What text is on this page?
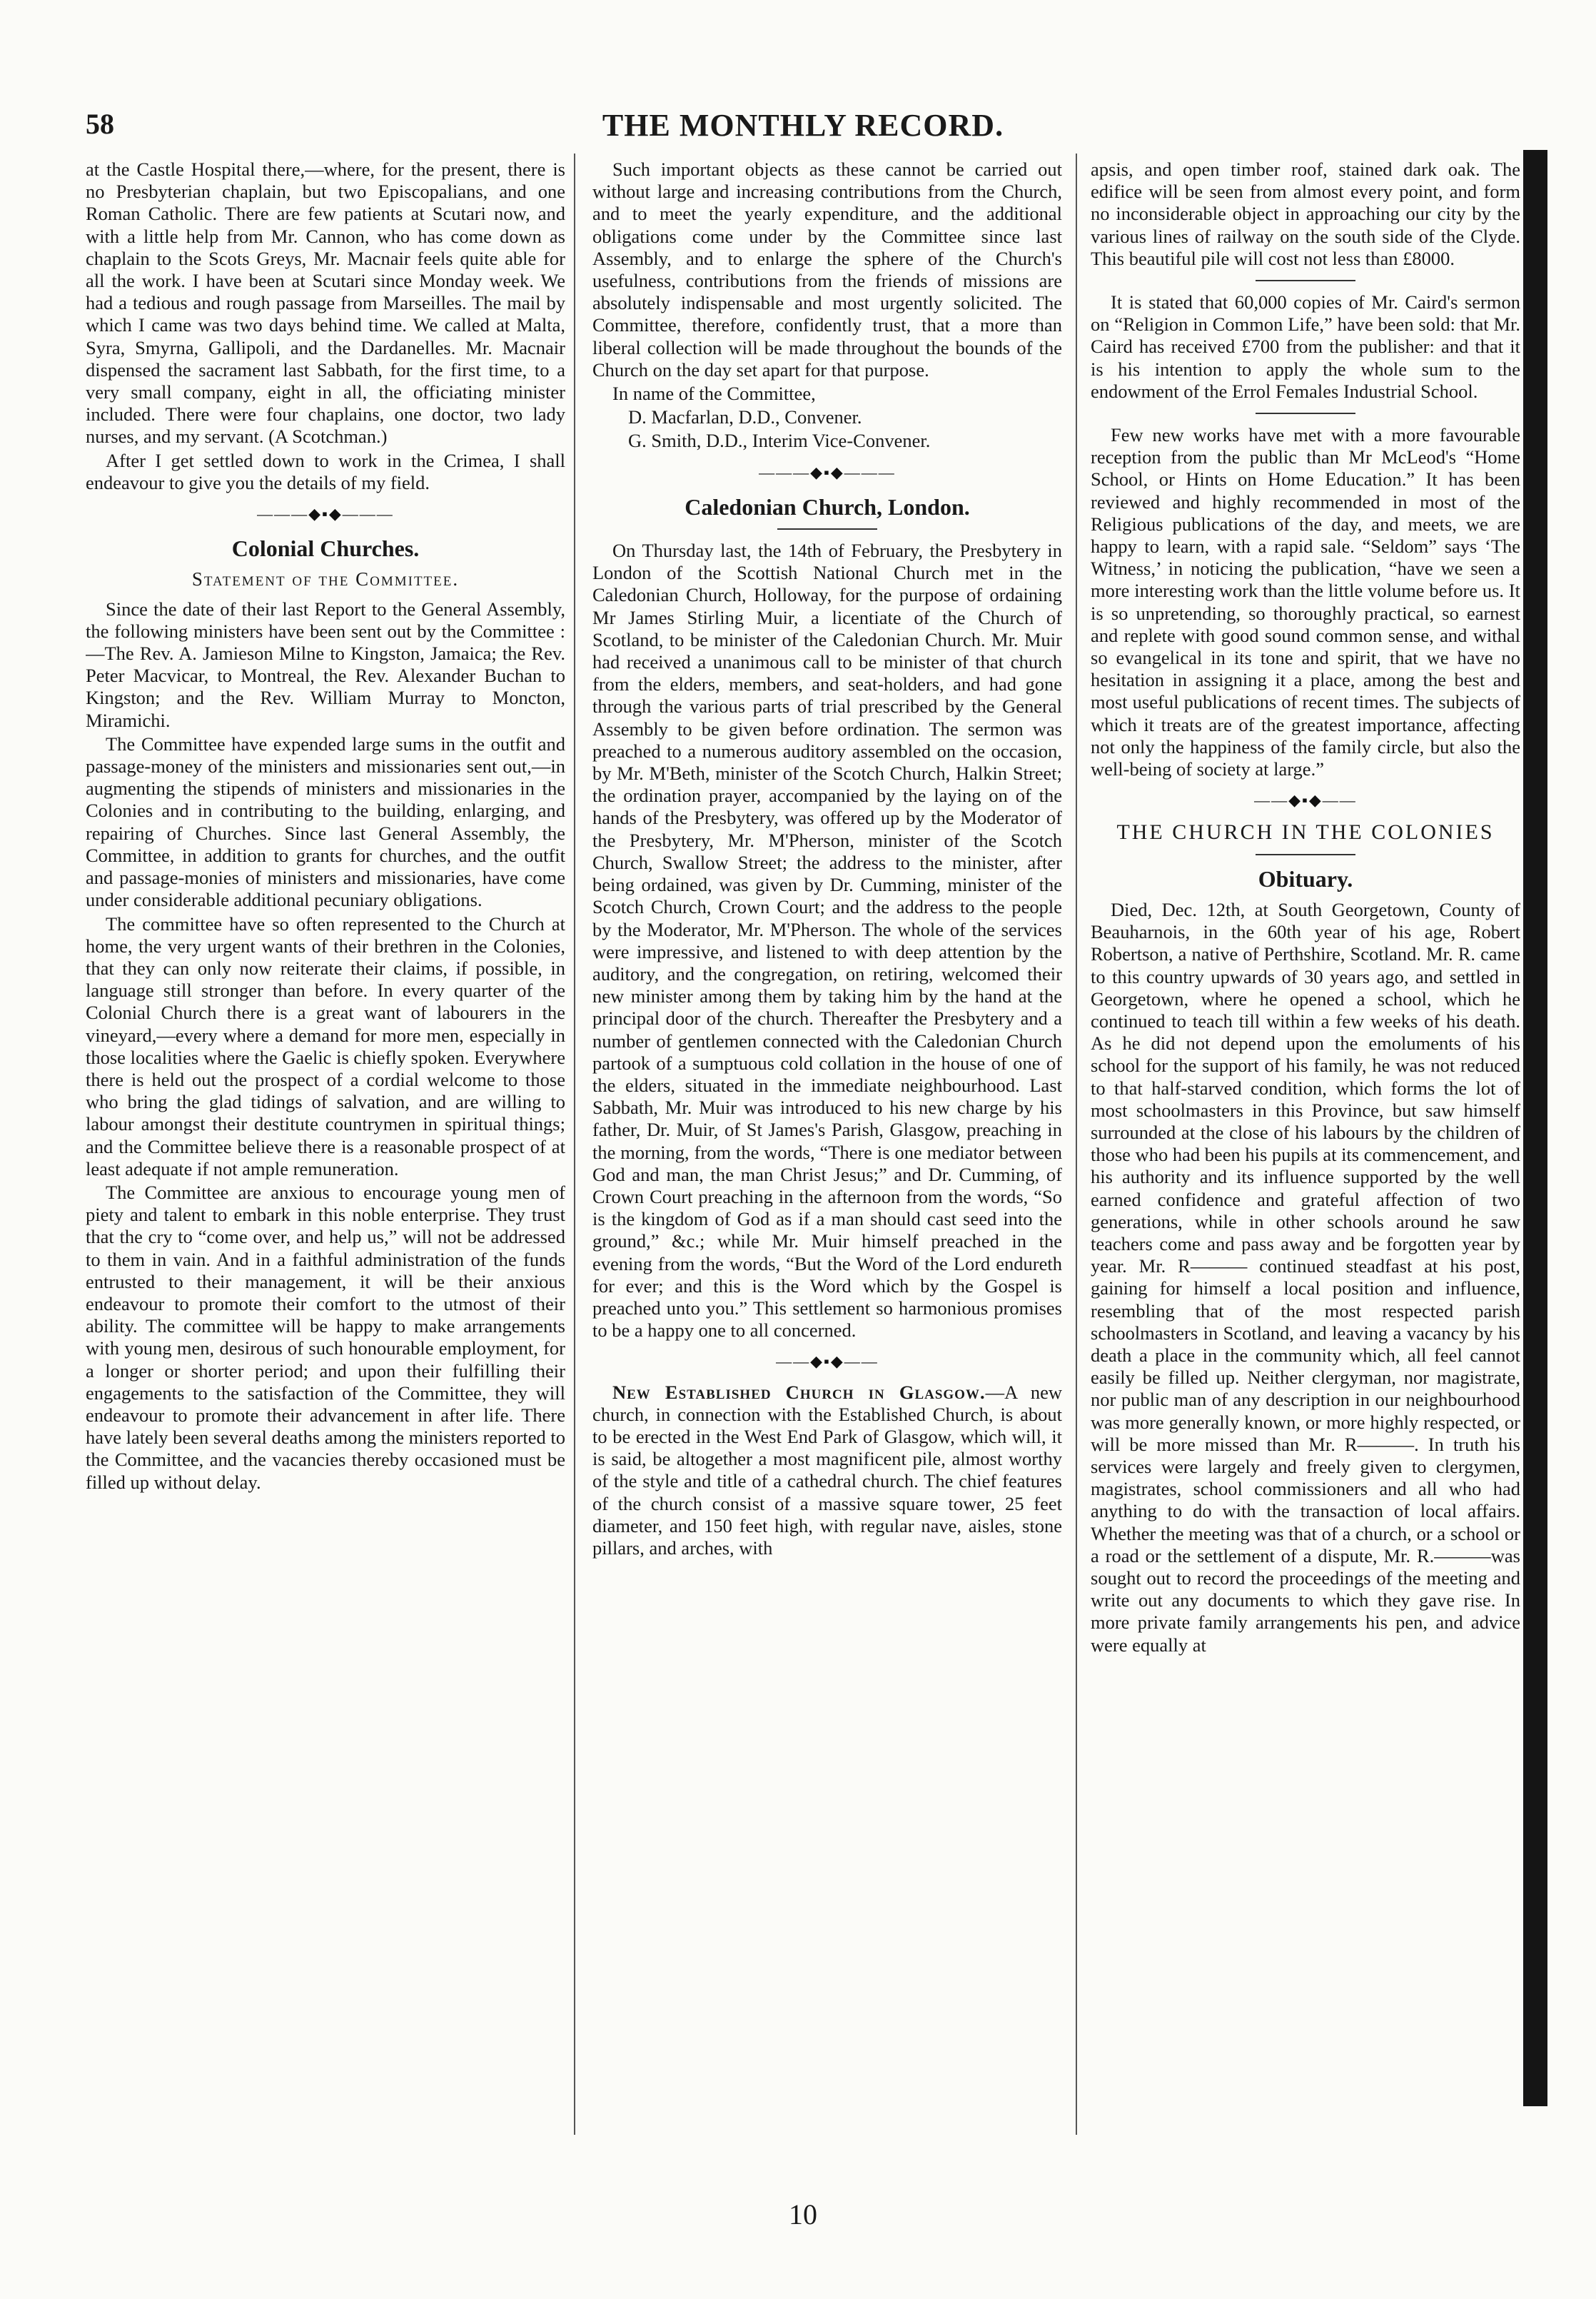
58	THE MONTHLY RECORD.

at the Castle Hospital there,—where, for the present, there is no Presbyterian chaplain, but two Episcopalians, and one Roman Catholic. There are few patients at Scutari now, and with a little help from Mr. Cannon, who has come down as chaplain to the Scots Greys, Mr. Macnair feels quite able for all the work. I have been at Scutari since Monday week. We had a tedious and rough passage from Marseilles. The mail by which I came was two days behind time. We called at Malta, Syra, Smyrna, Gallipoli, and the Dardanelles. Mr. Macnair dispensed the sacrament last Sabbath, for the first time, to a very small company, eight in all, the officiating minister included. There were four chaplains, one doctor, two lady nurses, and my servant. (A Scotchman.)

After I get settled down to work in the Crimea, I shall endeavour to give you the details of my field.

———◆▪◆———
Colonial Churches.
Statement of the Committee.

Since the date of their last Report to the General Assembly, the following ministers have been sent out by the Committee :—The Rev. A. Jamieson Milne to Kingston, Jamaica; the Rev. Peter Macvicar, to Montreal, the Rev. Alexander Buchan to Kingston; and the Rev. William Murray to Moncton, Miramichi.

The Committee have expended large sums in the outfit and passage-money of the ministers and missionaries sent out,—in augmenting the stipends of ministers and missionaries in the Colonies and in contributing to the building, enlarging, and repairing of Churches. Since last General Assembly, the Committee, in addition to grants for churches, and the outfit and passage-monies of ministers and missionaries, have come under considerable additional pecuniary obligations.

The committee have so often represented to the Church at home, the very urgent wants of their brethren in the Colonies, that they can only now reiterate their claims, if possible, in language still stronger than before. In every quarter of the Colonial Church there is a great want of labourers in the vineyard,—every where a demand for more men, especially in those localities where the Gaelic is chiefly spoken. Everywhere there is held out the prospect of a cordial welcome to those who bring the glad tidings of salvation, and are willing to labour amongst their destitute countrymen in spiritual things; and the Committee believe there is a reasonable prospect of at least adequate if not ample remuneration.

The Committee are anxious to encourage young men of piety and talent to embark in this noble enterprise. They trust that the cry to “come over, and help us,” will not be addressed to them in vain. And in a faithful administration of the funds entrusted to their management, it will be their anxious endeavour to promote their comfort to the utmost of their ability. The committee will be happy to make arrangements with young men, desirous of such honourable employment, for a longer or shorter period; and upon their fulfilling their engagements to the satisfaction of the Committee, they will endeavour to promote their advancement in after life. There have lately been several deaths among the ministers reported to the Committee, and the vacancies thereby occasioned must be filled up without delay.

Such important objects as these cannot be carried out without large and increasing contributions from the Church, and to meet the yearly expenditure, and the additional obligations come under by the Committee since last Assembly, and to enlarge the sphere of the Church's usefulness, contributions from the friends of missions are absolutely indispensable and most urgently solicited. The Committee, therefore, confidently trust, that a more than liberal collection will be made throughout the bounds of the Church on the day set apart for that purpose.

In name of the Committee,

D. Macfarlan, D.D., Convener.

G. Smith, D.D., Interim Vice-Convener.

———◆▪◆———
Caledonian Church, London.

On Thursday last, the 14th of February, the Presbytery in London of the Scottish National Church met in the Caledonian Church, Holloway, for the purpose of ordaining Mr James Stirling Muir, a licentiate of the Church of Scotland, to be minister of the Caledonian Church. Mr. Muir had received a unanimous call to be minister of that church from the elders, members, and seat-holders, and had gone through the various parts of trial prescribed by the General Assembly to be given before ordination. The sermon was preached to a numerous auditory assembled on the occasion, by Mr. M'Beth, minister of the Scotch Church, Halkin Street; the ordination prayer, accompanied by the laying on of the hands of the Presbytery, was offered up by the Moderator of the Presbytery, Mr. M'Pherson, minister of the Scotch Church, Swallow Street; the address to the minister, after being ordained, was given by Dr. Cumming, minister of the Scotch Church, Crown Court; and the address to the people by the Moderator, Mr. M'Pherson. The whole of the services were impressive, and listened to with deep attention by the auditory, and the congregation, on retiring, welcomed their new minister among them by taking him by the hand at the principal door of the church. Thereafter the Presbytery and a number of gentlemen connected with the Caledonian Church partook of a sumptuous cold collation in the house of one of the elders, situated in the immediate neighbourhood. Last Sabbath, Mr. Muir was introduced to his new charge by his father, Dr. Muir, of St James's Parish, Glasgow, preaching in the morning, from the words, “There is one mediator between God and man, the man Christ Jesus;” and Dr. Cumming, of Crown Court preaching in the afternoon from the words, “So is the kingdom of God as if a man should cast seed into the ground,” &c.; while Mr. Muir himself preached in the evening from the words, “But the Word of the Lord endureth for ever; and this is the Word which by the Gospel is preached unto you.” This settlement so harmonious promises to be a happy one to all concerned.

——◆▪◆——

New Established Church in Glasgow.—A new church, in connection with the Established Church, is about to be erected in the West End Park of Glasgow, which will, it is said, be altogether a most magnificent pile, almost worthy of the style and title of a cathedral church. The chief features of the church consist of a massive square tower, 25 feet diameter, and 150 feet high, with regular nave, aisles, stone pillars, and arches, with

apsis, and open timber roof, stained dark oak. The edifice will be seen from almost every point, and form no inconsiderable object in approaching our city by the various lines of railway on the south side of the Clyde. This beautiful pile will cost not less than £8000.

It is stated that 60,000 copies of Mr. Caird's sermon on “Religion in Common Life,” have been sold: that Mr. Caird has received £700 from the publisher: and that it is his intention to apply the whole sum to the endowment of the Errol Females Industrial School.

Few new works have met with a more favourable reception from the public than Mr McLeod's “Home School, or Hints on Home Education.” It has been reviewed and highly recommended in most of the Religious publications of the day, and meets, we are happy to learn, with a rapid sale. “Seldom” says ‘The Witness,’ in noticing the publication, “have we seen a more interesting work than the little volume before us. It is so unpretending, so thoroughly practical, so earnest and replete with good sound common sense, and withal so evangelical in its tone and spirit, that we have no hesitation in assigning it a place, among the best and most useful publications of recent times. The subjects of which it treats are of the greatest importance, affecting not only the happiness of the family circle, but also the well-being of society at large.”

——◆▪◆——
THE CHURCH IN THE COLONIES
Obituary.

Died, Dec. 12th, at South Georgetown, County of Beauharnois, in the 60th year of his age, Robert Robertson, a native of Perthshire, Scotland. Mr. R. came to this country upwards of 30 years ago, and settled in Georgetown, where he opened a school, which he continued to teach till within a few weeks of his death. As he did not depend upon the emoluments of his school for the support of his family, he was not reduced to that half-starved condition, which forms the lot of most schoolmasters in this Province, but saw himself surrounded at the close of his labours by the children of those who had been his pupils at its commencement, and his authority and its influence supported by the well earned confidence and grateful affection of two generations, while in other schools around he saw teachers come and pass away and be forgotten year by year. Mr. R——— continued steadfast at his post, gaining for himself a local position and influence, resembling that of the most respected parish schoolmasters in Scotland, and leaving a vacancy by his death a place in the community which, all feel cannot easily be filled up. Neither clergyman, nor magistrate, nor public man of any description in our neighbourhood was more generally known, or more highly respected, or will be more missed than Mr. R———. In truth his services were largely and freely given to clergymen, magistrates, school commissioners and all who had anything to do with the transaction of local affairs. Whether the meeting was that of a church, or a school or a road or the settlement of a dispute, Mr. R.———was sought out to record the proceedings of the meeting and write out any documents to which they gave rise. In more private family arrangements his pen, and advice were equally at

10
